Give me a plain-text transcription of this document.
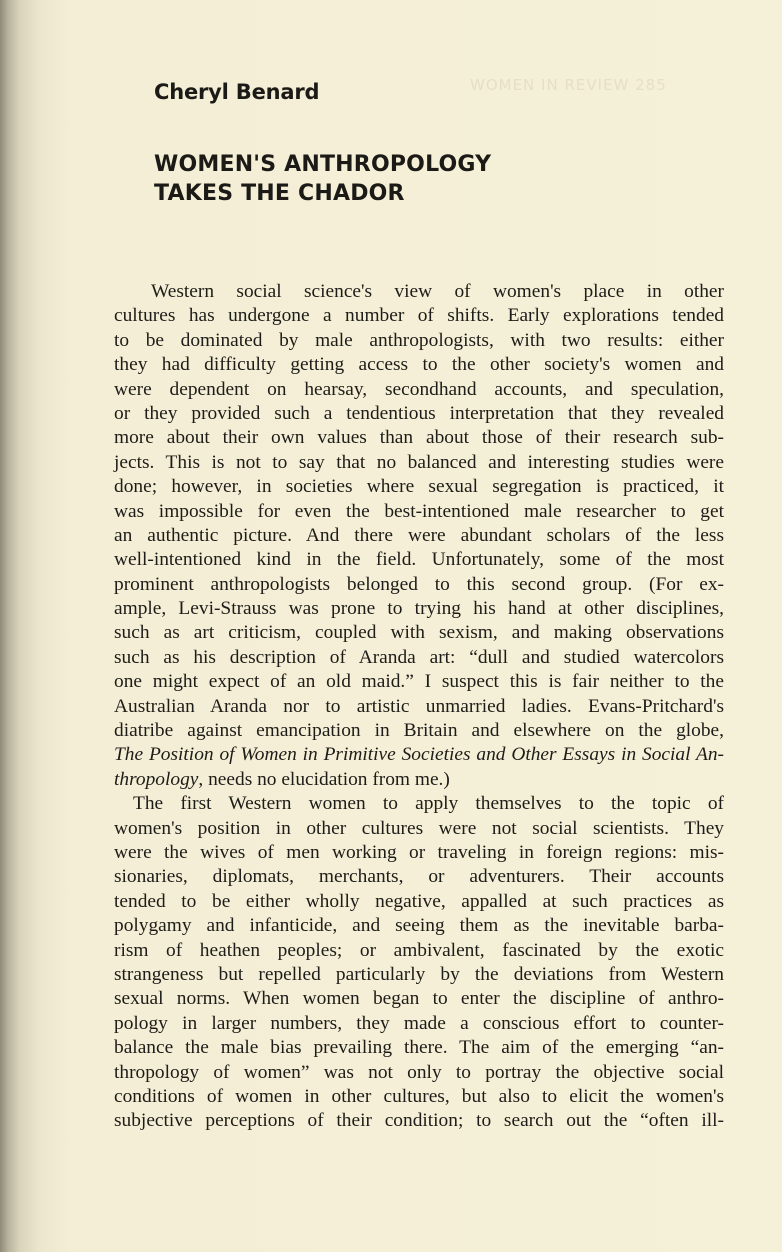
WOMEN IN REVIEW 285
Cheryl Benard
WOMEN'S ANTHROPOLOGY
TAKES THE CHADOR
Western social science's view of women's place in other
cultures has undergone a number of shifts. Early explorations tended
to be dominated by male anthropologists, with two results: either
they had difficulty getting access to the other society's women and
were dependent on hearsay, secondhand accounts, and speculation,
or they provided such a tendentious interpretation that they revealed
more about their own values than about those of their research sub-
jects. This is not to say that no balanced and interesting studies were
done; however, in societies where sexual segregation is practiced, it
was impossible for even the best-intentioned male researcher to get
an authentic picture. And there were abundant scholars of the less
well-intentioned kind in the field. Unfortunately, some of the most
prominent anthropologists belonged to this second group. (For ex-
ample, Levi-Strauss was prone to trying his hand at other disciplines,
such as art criticism, coupled with sexism, and making observations
such as his description of Aranda art: “dull and studied watercolors
one might expect of an old maid.” I suspect this is fair neither to the
Australian Aranda nor to artistic unmarried ladies. Evans-Pritchard's
diatribe against emancipation in Britain and elsewhere on the globe,
The Position of Women in Primitive Societies and Other Essays in Social An-
thropology, needs no elucidation from me.)
The first Western women to apply themselves to the topic of
women's position in other cultures were not social scientists. They
were the wives of men working or traveling in foreign regions: mis-
sionaries, diplomats, merchants, or adventurers. Their accounts
tended to be either wholly negative, appalled at such practices as
polygamy and infanticide, and seeing them as the inevitable barba-
rism of heathen peoples; or ambivalent, fascinated by the exotic
strangeness but repelled particularly by the deviations from Western
sexual norms. When women began to enter the discipline of anthro-
pology in larger numbers, they made a conscious effort to counter-
balance the male bias prevailing there. The aim of the emerging “an-
thropology of women” was not only to portray the objective social
conditions of women in other cultures, but also to elicit the women's
subjective perceptions of their condition; to search out the “often ill-
